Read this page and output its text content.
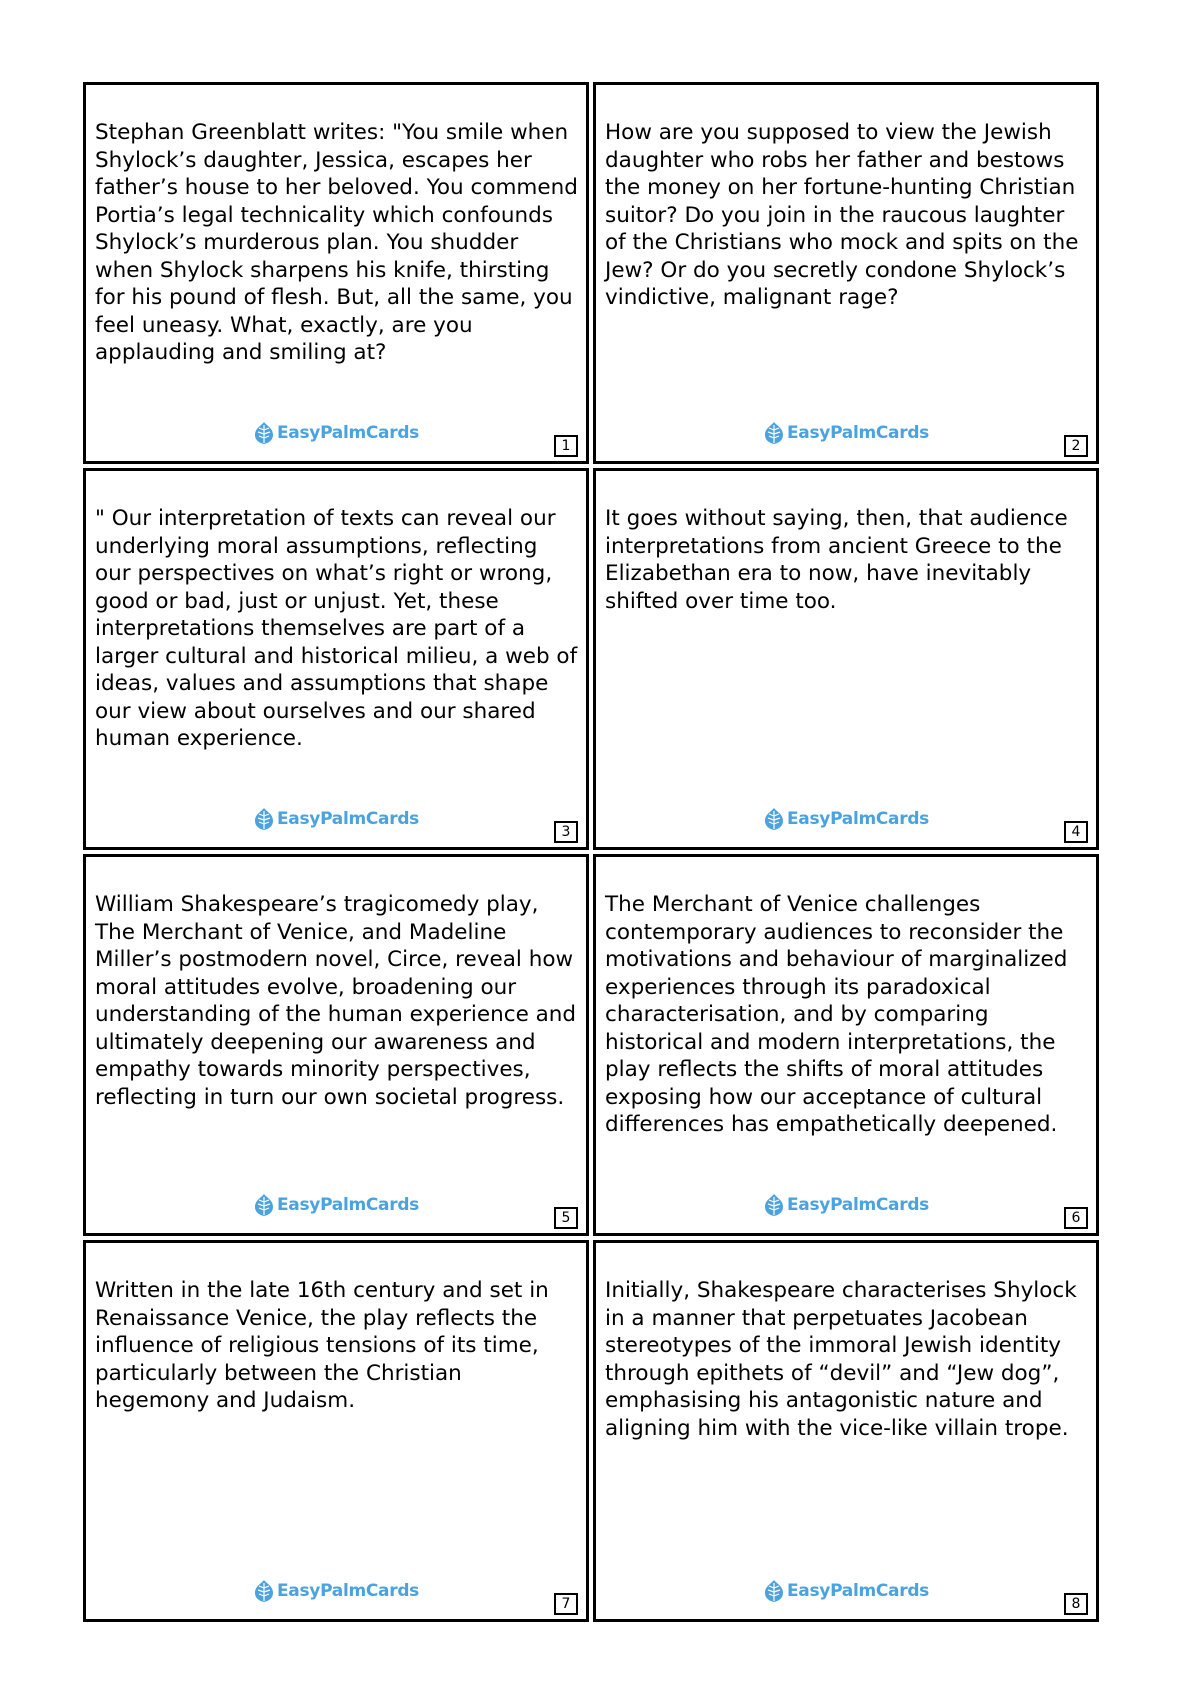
Stephan Greenblatt writes: "You smile when Shylock’s daughter, Jessica, escapes her father’s house to her beloved. You commend Portia’s legal technicality which confounds Shylock’s murderous plan. You shudder when Shylock sharpens his knife, thirsting for his pound of flesh. But, all the same, you feel uneasy. What, exactly, are you applauding and smiling at?
EasyPalmCards
1
How are you supposed to view the Jewish daughter who robs her father and bestows the money on her fortune-hunting Christian suitor? Do you join in the raucous laughter of the Christians who mock and spits on the Jew? Or do you secretly condone Shylock’s vindictive, malignant rage?
EasyPalmCards
2
" Our interpretation of texts can reveal our underlying moral assumptions, reflecting our perspectives on what’s right or wrong, good or bad, just or unjust. Yet, these interpretations themselves are part of a larger cultural and historical milieu, a web of ideas, values and assumptions that shape our view about ourselves and our shared human experience.
EasyPalmCards
3
It goes without saying, then, that audience interpretations from ancient Greece to the Elizabethan era to now, have inevitably shifted over time too.
EasyPalmCards
4
William Shakespeare’s tragicomedy play, The Merchant of Venice, and Madeline Miller’s postmodern novel, Circe, reveal how moral attitudes evolve, broadening our understanding of the human experience and ultimately deepening our awareness and empathy towards minority perspectives, reflecting in turn our own societal progress.
EasyPalmCards
5
The Merchant of Venice challenges contemporary audiences to reconsider the motivations and behaviour of marginalized experiences through its paradoxical characterisation, and by comparing historical and modern interpretations, the play reflects the shifts of moral attitudes exposing how our acceptance of cultural differences has empathetically deepened.
EasyPalmCards
6
Written in the late 16th century and set in Renaissance Venice, the play reflects the influence of religious tensions of its time, particularly between the Christian hegemony and Judaism.
EasyPalmCards
7
Initially, Shakespeare characterises Shylock in a manner that perpetuates Jacobean stereotypes of the immoral Jewish identity through epithets of “devil” and “Jew dog”, emphasising his antagonistic nature and aligning him with the vice-like villain trope.
EasyPalmCards
8
